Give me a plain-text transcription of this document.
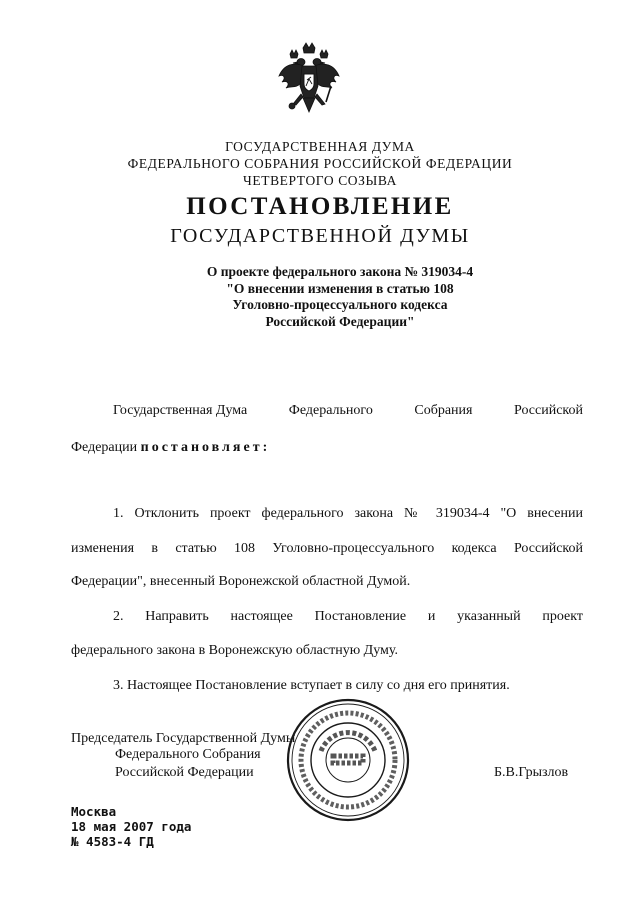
ГОСУДАРСТВЕННАЯ ДУМА
ФЕДЕРАЛЬНОГО СОБРАНИЯ РОССИЙСКОЙ ФЕДЕРАЦИИ
ЧЕТВЕРТОГО СОЗЫВА
ПОСТАНОВЛЕНИЕ
ГОСУДАРСТВЕННОЙ ДУМЫ
О проекте федерального закона № 319034-4
"О внесении изменения в статью 108
Уголовно-процессуального кодекса
Российской Федерации"
Государственная Дума	Федерального	Собрания	Российской
Федерации постановляет:
1. Отклонить проект федерального закона № 319034-4 "О внесении
изменения в статью 108 Уголовно-процессуального кодекса Российской
Федерации", внесенный Воронежской областной Думой.
2. Направить настоящее Постановление и указанный проект
федерального закона в Воронежскую областную Думу.
3. Настоящее Постановление вступает в силу со дня его принятия.
Председатель Государственной Думы
Федерального Собрания
Российской Федерации	Б.В.Грызлов
Москва
18 мая 2007 года
№ 4583-4 ГД
